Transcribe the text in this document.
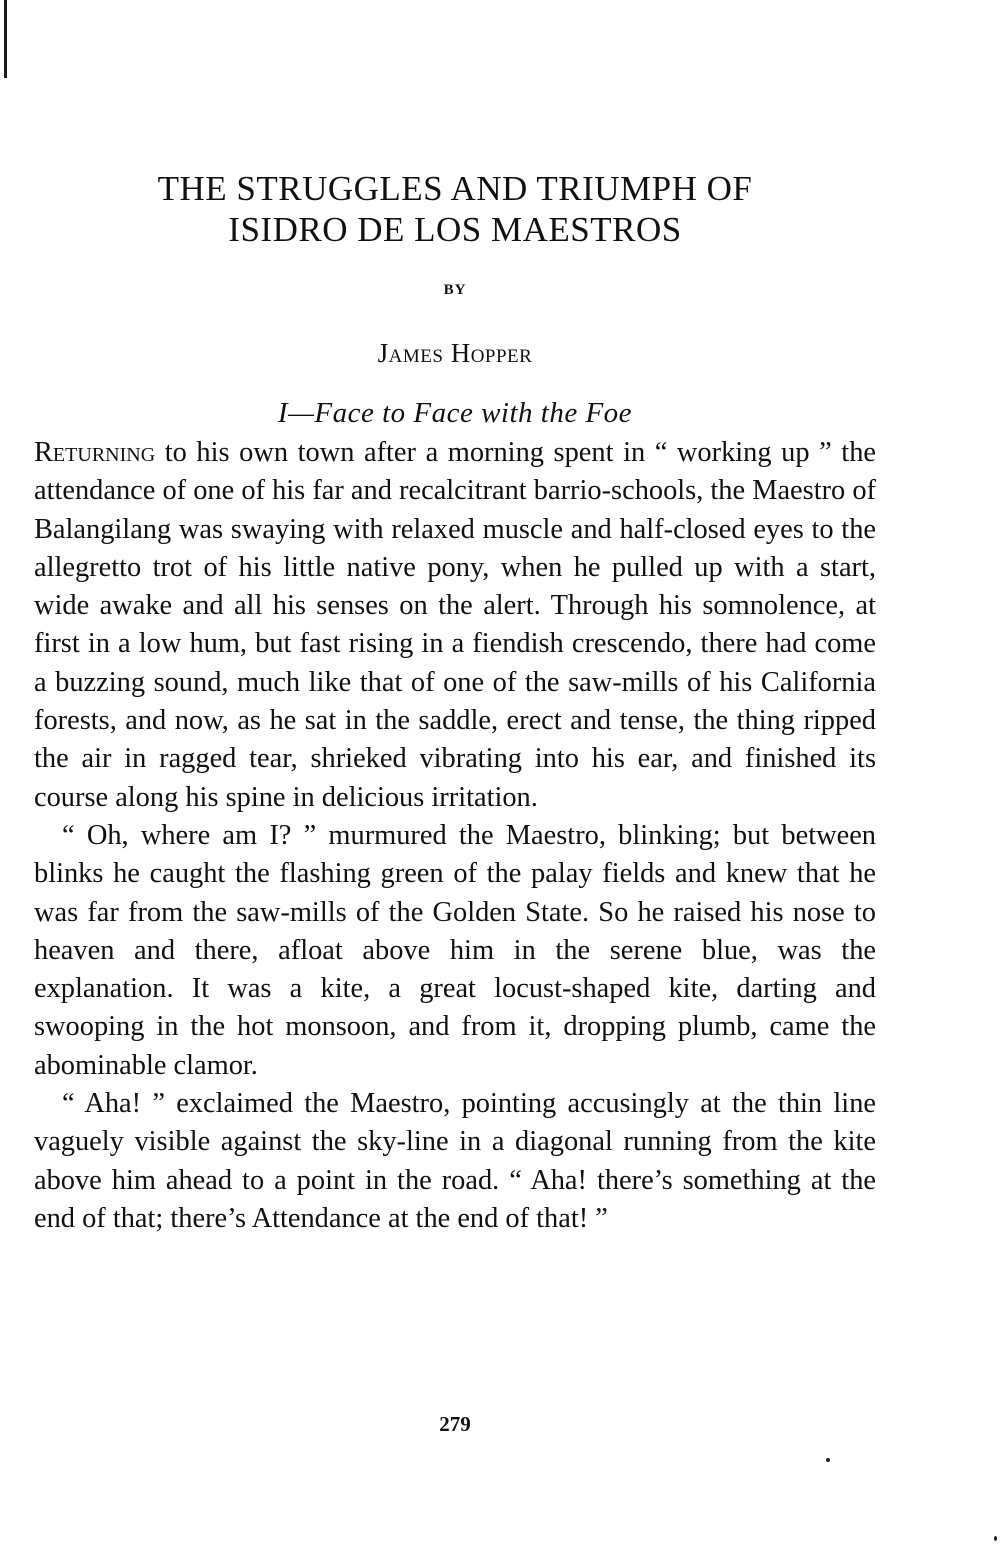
THE STRUGGLES AND TRIUMPH OF
ISIDRO DE LOS MAESTROS
BY
James Hopper
I—Face to Face with the Foe

Returning to his own town after a morning spent in “ working up ” the attendance of one of his far and recalcitrant barrio-schools, the Maestro of Balangilang was swaying with relaxed muscle and half-closed eyes to the allegretto trot of his little native pony, when he pulled up with a start, wide awake and all his senses on the alert. Through his somnolence, at first in a low hum, but fast rising in a fiendish crescendo, there had come a buzzing sound, much like that of one of the saw-mills of his California forests, and now, as he sat in the saddle, erect and tense, the thing ripped the air in ragged tear, shrieked vibrating into his ear, and finished its course along his spine in delicious irritation.

“ Oh, where am I? ” murmured the Maestro, blinking; but between blinks he caught the flashing green of the palay fields and knew that he was far from the saw-mills of the Golden State. So he raised his nose to heaven and there, afloat above him in the serene blue, was the explanation. It was a kite, a great locust-shaped kite, darting and swooping in the hot monsoon, and from it, dropping plumb, came the abominable clamor.

“ Aha! ” exclaimed the Maestro, pointing accusingly at the thin line vaguely visible against the sky-line in a diagonal running from the kite above him ahead to a point in the road. “ Aha! there’s something at the end of that; there’s Attendance at the end of that! ”

279
